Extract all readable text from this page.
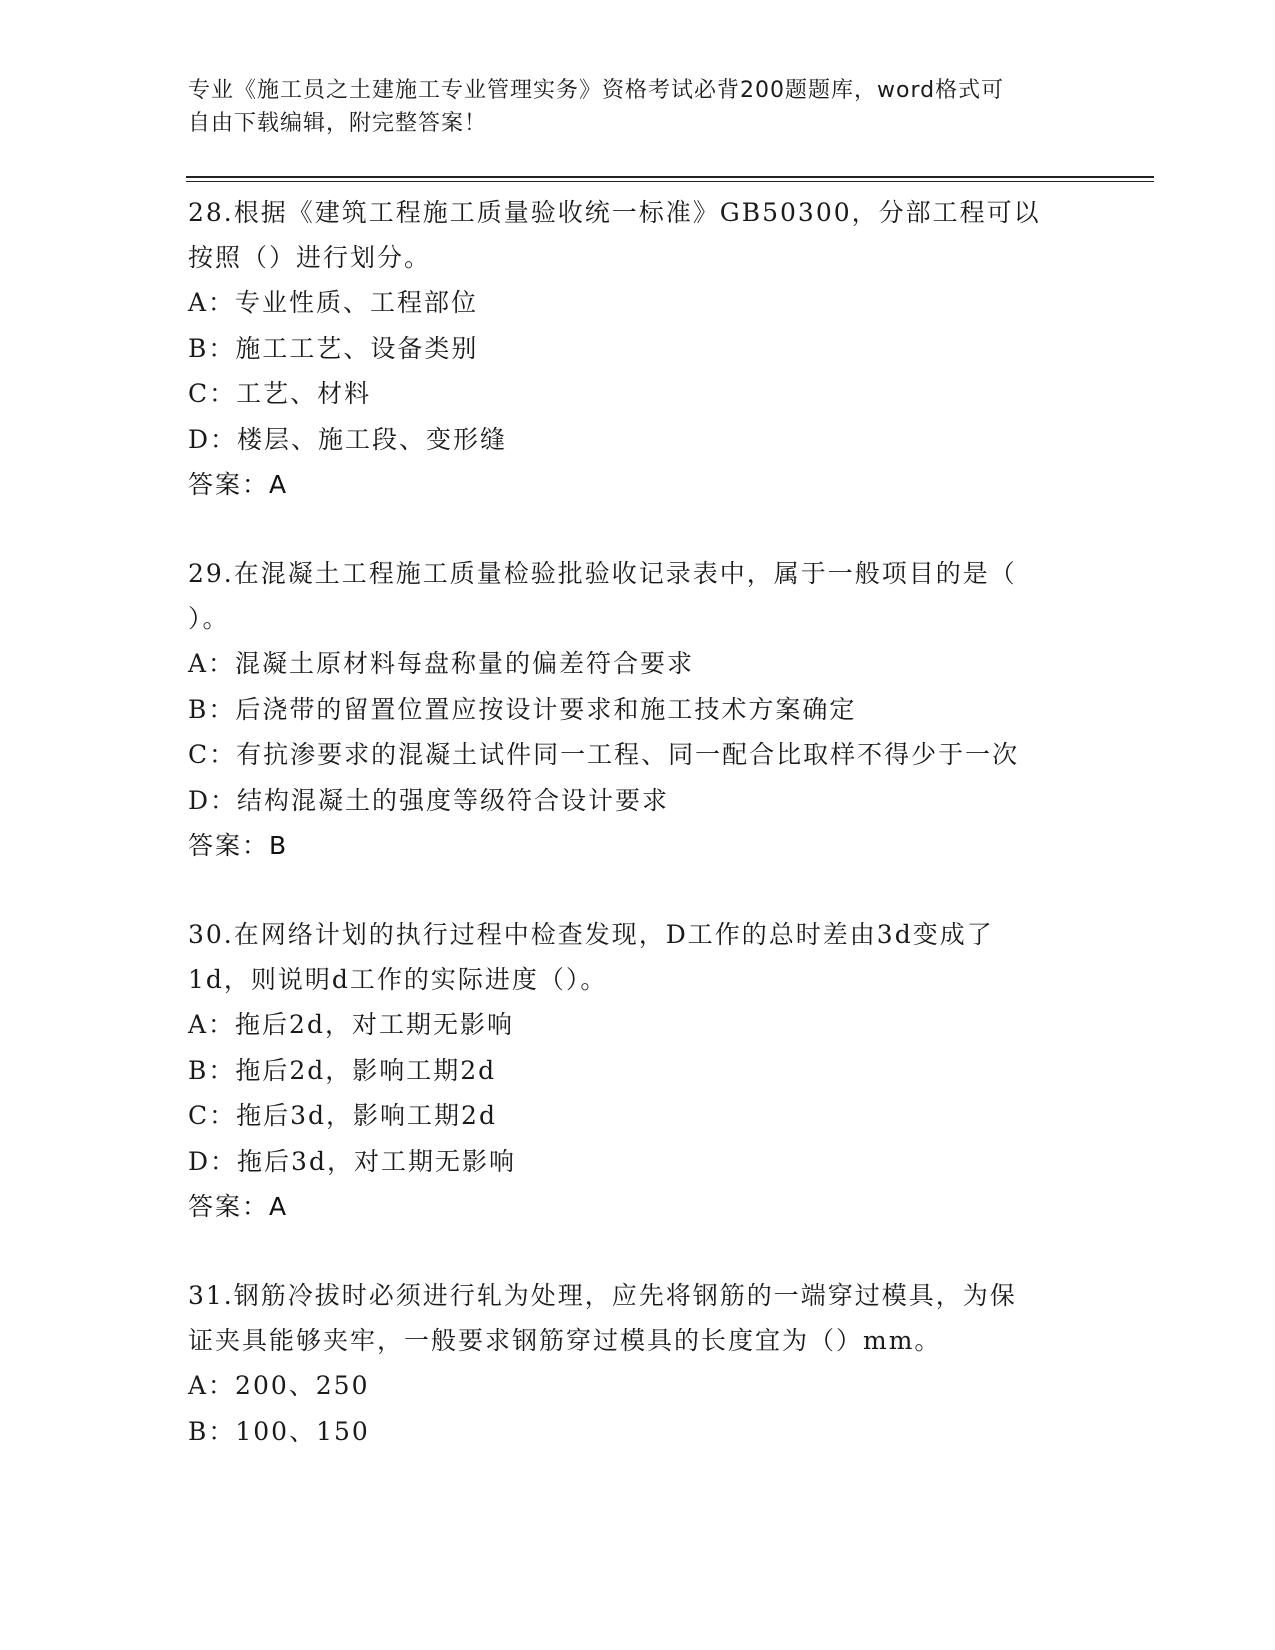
专业《施工员之土建施工专业管理实务》资格考试必背200题题库，word格式可
自由下载编辑，附完整答案！

28.根据《建筑工程施工质量验收统一标准》GB50300，分部工程可以

按照（）进行划分。

A：专业性质、工程部位

B：施工工艺、设备类别

C：工艺、材料

D：楼层、施工段、变形缝

答案：A

29.在混凝土工程施工质量检验批验收记录表中，属于一般项目的是（

）。

A：混凝土原材料每盘称量的偏差符合要求

B：后浇带的留置位置应按设计要求和施工技术方案确定

C：有抗渗要求的混凝土试件同一工程、同一配合比取样不得少于一次

D：结构混凝土的强度等级符合设计要求

答案：B

30.在网络计划的执行过程中检查发现，D工作的总时差由3d变成了

1d，则说明d工作的实际进度（）。

A：拖后2d，对工期无影响

B：拖后2d，影响工期2d

C：拖后3d，影响工期2d

D：拖后3d，对工期无影响

答案：A

31.钢筋冷拔时必须进行轧为处理，应先将钢筋的一端穿过模具，为保

证夹具能够夹牢，一般要求钢筋穿过模具的长度宜为（）mm。

A：200、250

B：100、150
